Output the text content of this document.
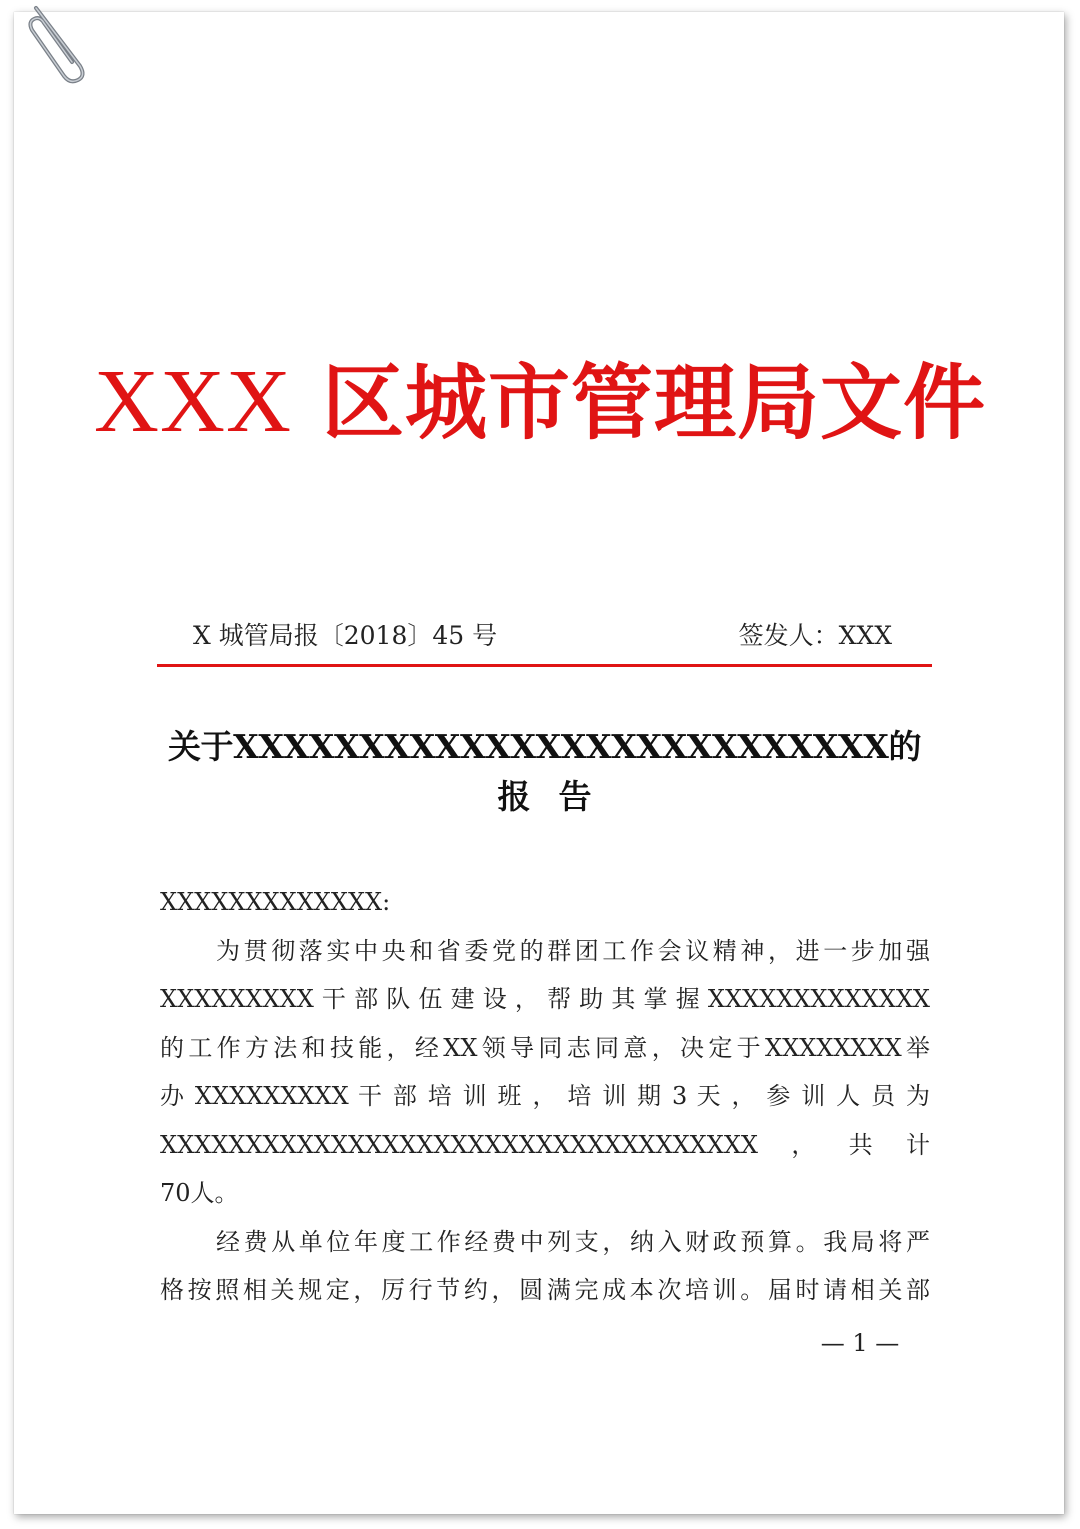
XXX 区城市管理局文件
X 城管局报〔2018〕45 号	签发人：XXX
关于XXXXXXXXXXXXXXXXXXXXXXXXXX的
报告
XXXXXXXXXXXXX:
为贯彻落实中央和省委党的群团工作会议精神，进一步加强
XXXXXXXXX干部队伍建设，帮助其掌握XXXXXXXXXXXXX
的工作方法和技能，经XX领导同志同意，决定于XXXXXXXX举
办 XXXXXXXXX 干 部 培 训 班 ， 培 训 期 3 天 ， 参 训 人 员 为
XXXXXXXXXXXXXXXXXXXXXXXXXXXXXXXXXXX，共计
70人。
经费从单位年度工作经费中列支，纳入财政预算。我局将严
格按照相关规定，厉行节约，圆满完成本次培训。届时请相关部
— 1 —
